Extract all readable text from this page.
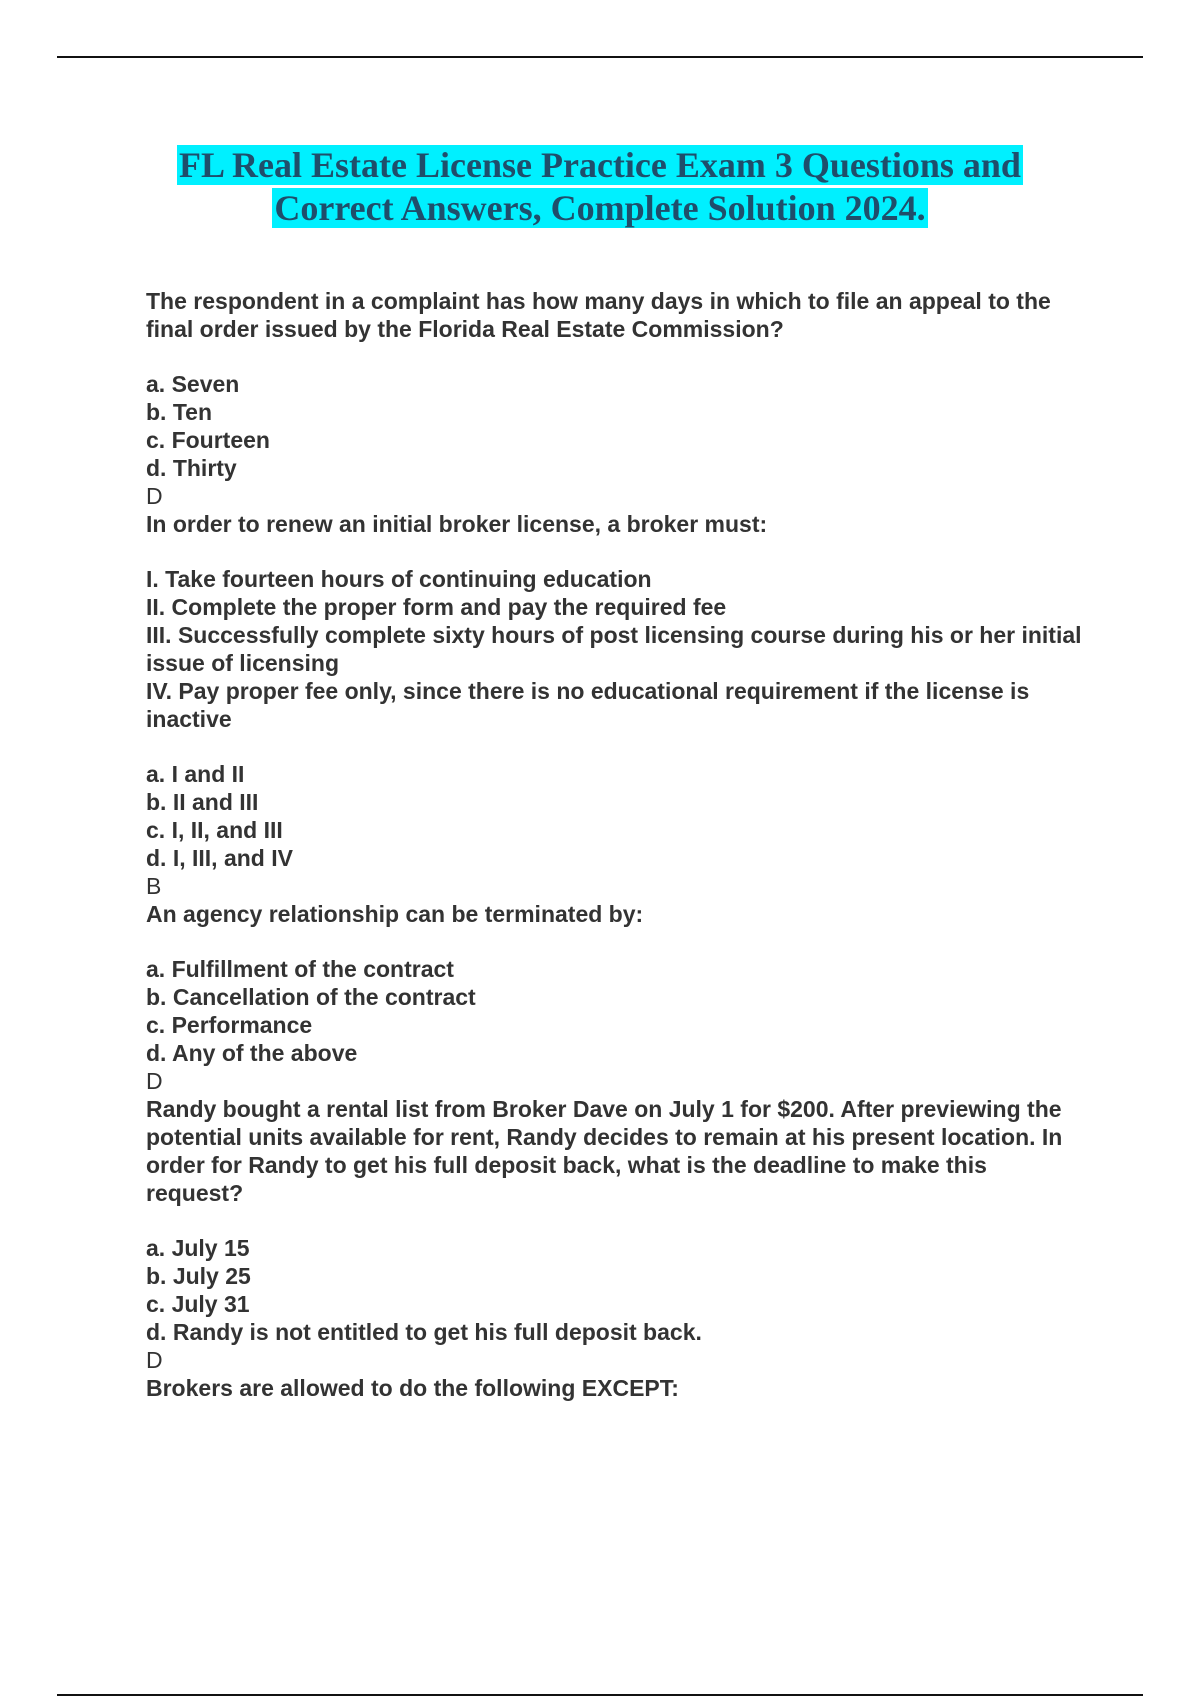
FL Real Estate License Practice Exam 3 Questions and
Correct Answers, Complete Solution 2024.
The respondent in a complaint has how many days in which to file an appeal to the final order issued by the Florida Real Estate Commission?
a. Seven
b. Ten
c. Fourteen
d. Thirty
D
In order to renew an initial broker license, a broker must:
I. Take fourteen hours of continuing education
II. Complete the proper form and pay the required fee
III. Successfully complete sixty hours of post licensing course during his or her initial issue of licensing
IV. Pay proper fee only, since there is no educational requirement if the license is inactive
a. I and II
b. II and III
c. I, II, and III
d. I, III, and IV
B
An agency relationship can be terminated by:
a. Fulfillment of the contract
b. Cancellation of the contract
c. Performance
d. Any of the above
D
Randy bought a rental list from Broker Dave on July 1 for $200. After previewing the potential units available for rent, Randy decides to remain at his present location. In order for Randy to get his full deposit back, what is the deadline to make this request?
a. July 15
b. July 25
c. July 31
d. Randy is not entitled to get his full deposit back.
D
Brokers are allowed to do the following EXCEPT:
